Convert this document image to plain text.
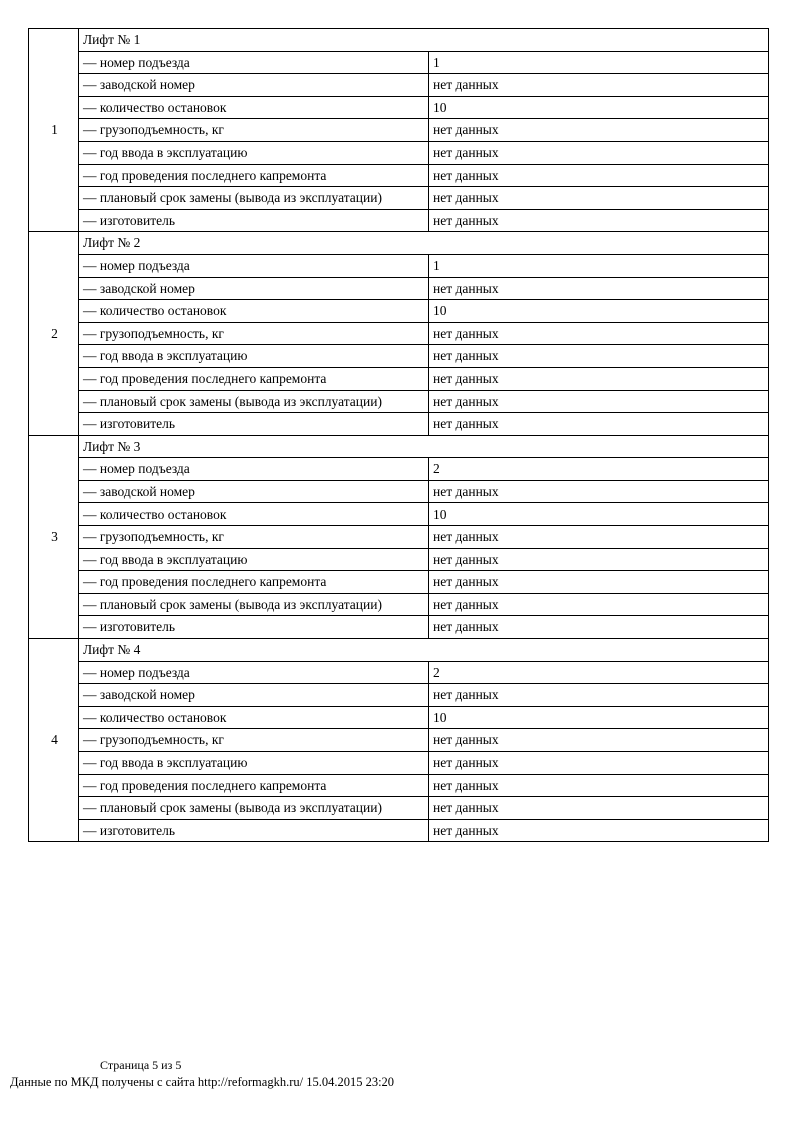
1	Лифт № 1	
	— номер подъезда	1
	— заводской номер	нет данных
	— количество остановок	10
	— грузоподъемность, кг	нет данных
	— год ввода в эксплуатацию	нет данных
	— год проведения последнего капремонта	нет данных
	— плановый срок замены (вывода из эксплуатации)	нет данных
	— изготовитель	нет данных
2	Лифт № 2	
	— номер подъезда	1
	— заводской номер	нет данных
	— количество остановок	10
	— грузоподъемность, кг	нет данных
	— год ввода в эксплуатацию	нет данных
	— год проведения последнего капремонта	нет данных
	— плановый срок замены (вывода из эксплуатации)	нет данных
	— изготовитель	нет данных
3	Лифт № 3	
	— номер подъезда	2
	— заводской номер	нет данных
	— количество остановок	10
	— грузоподъемность, кг	нет данных
	— год ввода в эксплуатацию	нет данных
	— год проведения последнего капремонта	нет данных
	— плановый срок замены (вывода из эксплуатации)	нет данных
	— изготовитель	нет данных
4	Лифт № 4	
	— номер подъезда	2
	— заводской номер	нет данных
	— количество остановок	10
	— грузоподъемность, кг	нет данных
	— год ввода в эксплуатацию	нет данных
	— год проведения последнего капремонта	нет данных
	— плановый срок замены (вывода из эксплуатации)	нет данных
	— изготовитель	нет данных
Страница 5 из 5
Данные по МКД получены с сайта http://reformagkh.ru/ 15.04.2015 23:20
